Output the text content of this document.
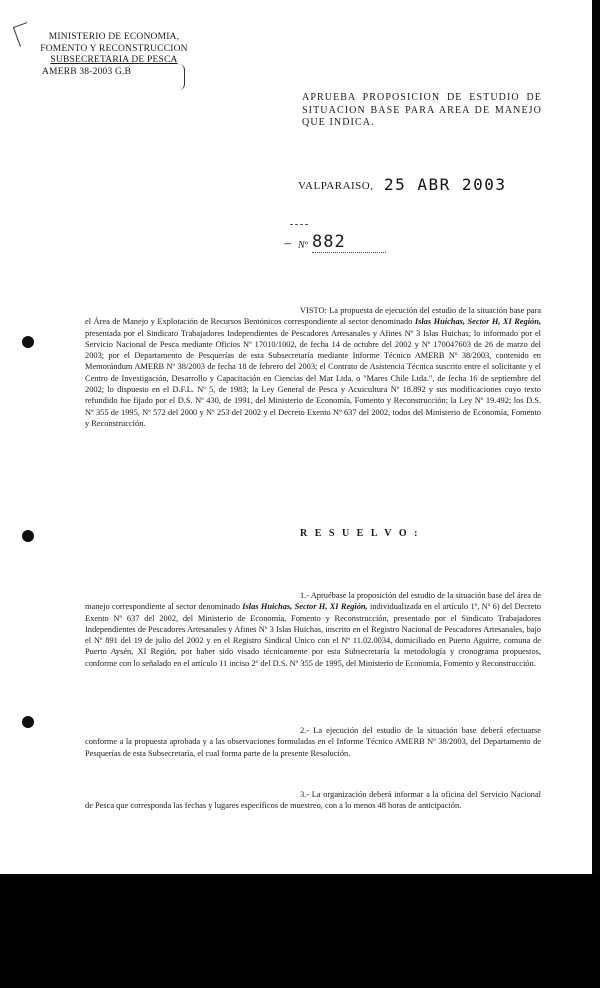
MINISTERIO DE ECONOMIA,
FOMENTO Y RECONSTRUCCION
SUBSECRETARIA DE PESCA
AMERB 38-2003 G.B
APRUEBA PROPOSICION DE ESTUDIO DE SITUACION BASE PARA AREA DE MANEJO QUE INDICA.
VALPARAISO, 25 ABR 2003
– Nº 882
VISTO: La propuesta de ejecución del estudio de la situación base para el Área de Manejo y Explotación de Recursos Bentónicos correspondiente al sector denominado Islas Huichas, Sector H, XI Región, presentada por el Sindicato Trabajadores Independientes de Pescadores Artesanales y Afines Nº 3 Islas Huichas; lo informado por el Servicio Nacional de Pesca mediante Oficios Nº 17010/1002, de fecha 14 de octubre del 2002 y Nº 170047603 de 26 de marzo del 2003; por el Departamento de Pesquerías de esta Subsecretaría mediante Informe Técnico AMERB Nº 38/2003, contenido en Memorándum AMERB Nº 38/2003 de fecha 18 de febrero del 2003; el Contrato de Asistencia Técnica suscrito entre el solicitante y el Centro de Investigación, Desarrollo y Capacitación en Ciencias del Mar Ltda. o "Mares Chile Ltda.", de fecha 16 de septiembre del 2002; lo dispuesto en el D.F.L. Nº 5, de 1983; la Ley General de Pesca y Acuicultura Nº 18.892 y sus modificaciones cuyo texto refundido fue fijado por el D.S. Nº 430, de 1991, del Ministerio de Economía, Fomento y Reconstrucción; la Ley Nº 19.492; los D.S. Nº 355 de 1995, Nº 572 del 2000 y Nº 253 del 2002 y el Decreto Exento Nº 637 del 2002, todos del Ministerio de Economía, Fomento y Reconstrucción.
R E S U E L V O :
1.- Apruébase la proposición del estudio de la situación base del área de manejo correspondiente al sector denominado Islas Huichas, Sector H, XI Región, individualizada en el artículo 1º, Nº 6) del Decreto Exento Nº 637 del 2002, del Ministerio de Economía, Fomento y Reconstrucción, presentado por el Sindicato Trabajadores Independientes de Pescadores Artesanales y Afines Nº 3 Islas Huichas, inscrito en el Registro Nacional de Pescadores Artesanales, bajo el Nº 891 del 19 de julio del 2002 y en el Registro Sindical Unico con el Nº 11.02.0034, domiciliado en Puerto Aguirre, comuna de Puerto Aysén, XI Región, por haber sido visado técnicamente por esta Subsecretaría la metodología y cronograma propuestos, conforme con lo señalado en el artículo 11 inciso 2º del D.S. Nº 355 de 1995, del Ministerio de Economía, Fomento y Reconstrucción.
2.- La ejecución del estudio de la situación base deberá efectuarse conforme a la propuesta aprobada y a las observaciones formuladas en el Informe Técnico AMERB Nº 38/2003, del Departamento de Pesquerías de esta Subsecretaría, el cual forma parte de la presente Resolución.
3.- La organización deberá informar a la oficina del Servicio Nacional de Pesca que corresponda las fechas y lugares específicos de muestreo, con a lo menos 48 horas de anticipación.
